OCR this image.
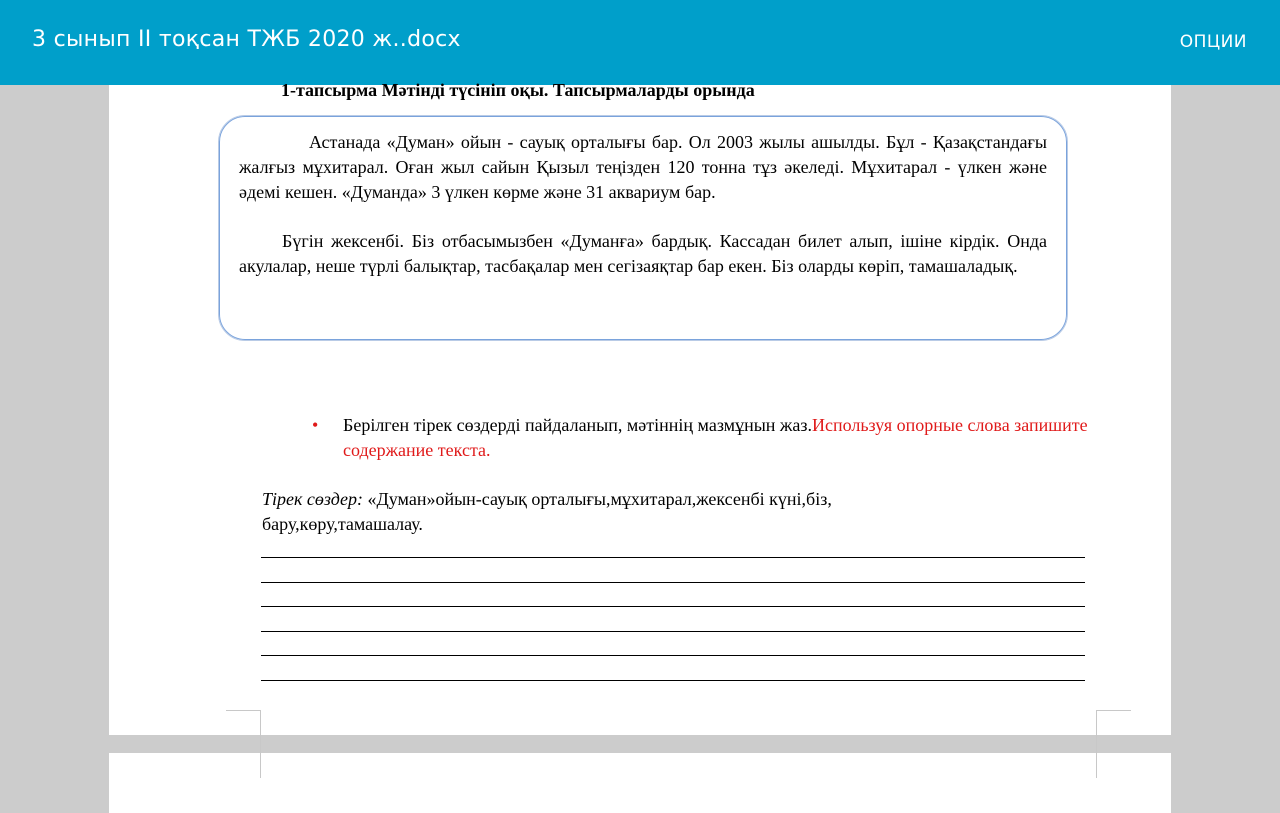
3 сынып II тоқсан ТЖБ 2020 ж..docx	ОПЦИИ
1-тапсырма Мәтінді түсініп оқы. Тапсырмаларды орында
Астанада «Думан» ойын - сауық орталығы бар. Ол 2003 жылы ашылды. Бұл - Қазақстандағы жалғыз мұхитарал. Оған жыл сайын Қызыл теңізден 120 тонна тұз әкеледі. Мұхитарал - үлкен және әдемі кешен. «Думанда» 3 үлкен көрме және 31 аквариум бар.
Бүгін жексенбі. Біз отбасымызбен «Думанға» бардық. Кассадан билет алып, ішіне кірдік. Онда акулалар, неше түрлі балықтар, тасбақалар мен сегізаяқтар бар екен. Біз оларды көріп, тамашаладық.
• Берілген тірек сөздерді пайдаланып, мәтіннің мазмұнын жаз.Используя опорные слова запишите содержание текста.
Тірек сөздер: «Думан»ойын-сауық орталығы,мұхитарал,жексенбі күні,біз, бару,көру,тамашалау.
